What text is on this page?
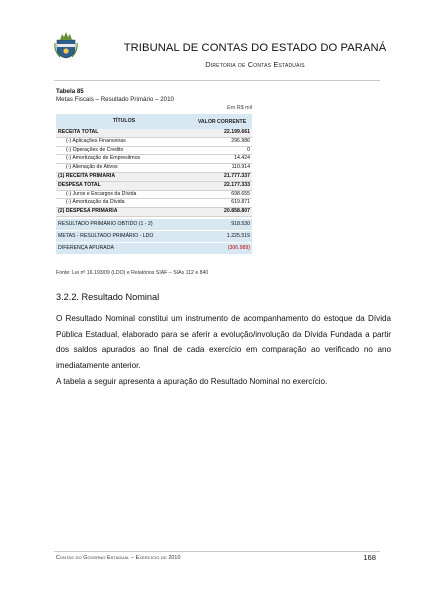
TRIBUNAL DE CONTAS DO ESTADO DO PARANÁ
Diretoria de Contas Estaduais
Tabela 85
Metas Fiscais – Resultado Primário – 2010
Em R$ mil
TÍTULOS	VALOR CORRENTE
RECEITA TOTAL	22.199.661
(-) Aplicações Financeiras	296.986
(-) Operações de Credito	0
(-) Amortização de Empresitmos	14.424
(-) Alienação de Ativos	110.914
(1) RECEITA PRIMÁRIA	21.777.337
DESPESA TOTAL	22.177.333
(-) Juros e Encargos da Dívida	698.655
(-) Amortização da Dívida	619.871
(2) DESPESA PRIMÁRIA	20.858.807

RESULTADO PRIMÁRIO OBTIDO (1 - 2)	918.530
METAS - RESULTADO PRIMÁRIO - LDO	1.225.519
DIFERENÇA APURADA	(306.989)
Fonte: Lei nº 16.193/09 (LDO) e Relatórios SIAF – SIAs 112 e 840
3.2.2. Resultado Nominal

O Resultado Nominal constitui um instrumento de acompanhamento do estoque da Dívida Pública Estadual, elaborado para se aferir a evolução/involução da Dívida Fundada a partir dos saldos apurados ao final de cada exercício em comparação ao verificado no ano imediatamente anterior.

A tabela a seguir apresenta a apuração do Resultado Nominal no exercício.

Contas do Governo Estadual – Exercício de 2010	168
